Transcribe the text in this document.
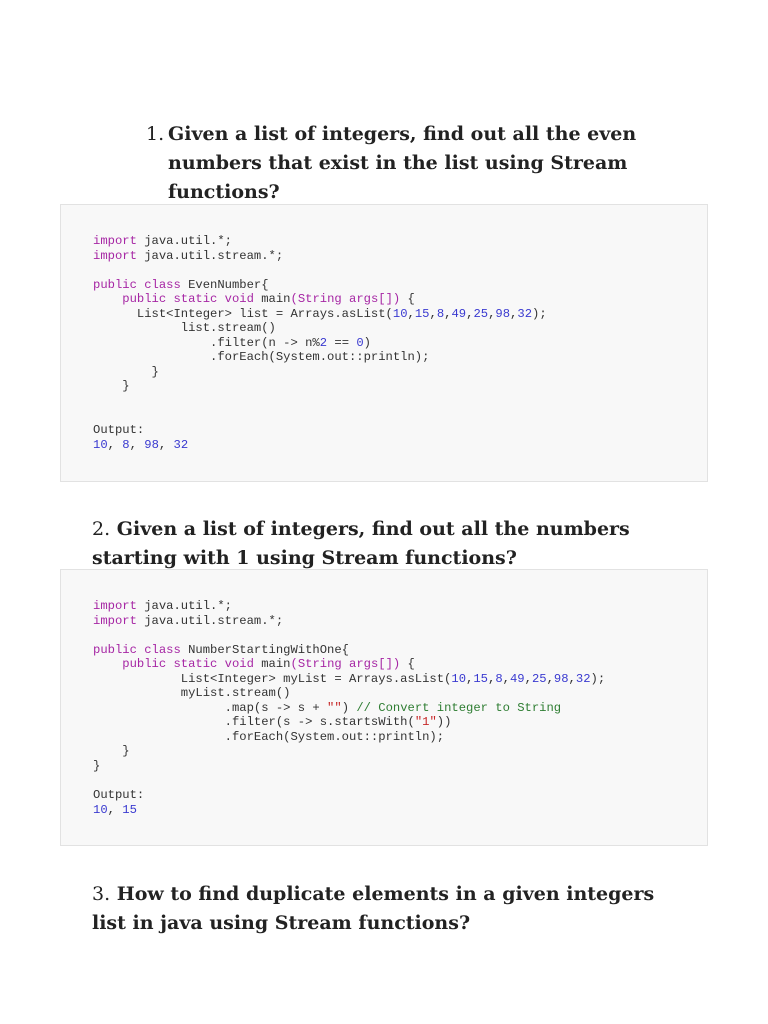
1. Given a list of integers, find out all the even numbers that exist in the list using Stream functions?
import java.util.*;
import java.util.stream.*;

public class EvenNumber{
public static void main(String args[]) {
List<Integer> list = Arrays.asList(10,15,8,49,25,98,32);
list.stream()
.filter(n -> n%2 == 0)
.forEach(System.out::println);
}
}

Output:
10, 8, 98, 32
2. Given a list of integers, find out all the numbers starting with 1 using Stream functions?
import java.util.*;
import java.util.stream.*;

public class NumberStartingWithOne{
public static void main(String args[]) {
List<Integer> myList = Arrays.asList(10,15,8,49,25,98,32);
myList.stream()
.map(s -> s + "") // Convert integer to String
.filter(s -> s.startsWith("1"))
.forEach(System.out::println);
}
}

Output:
10, 15
3. How to find duplicate elements in a given integers list in java using Stream functions?
